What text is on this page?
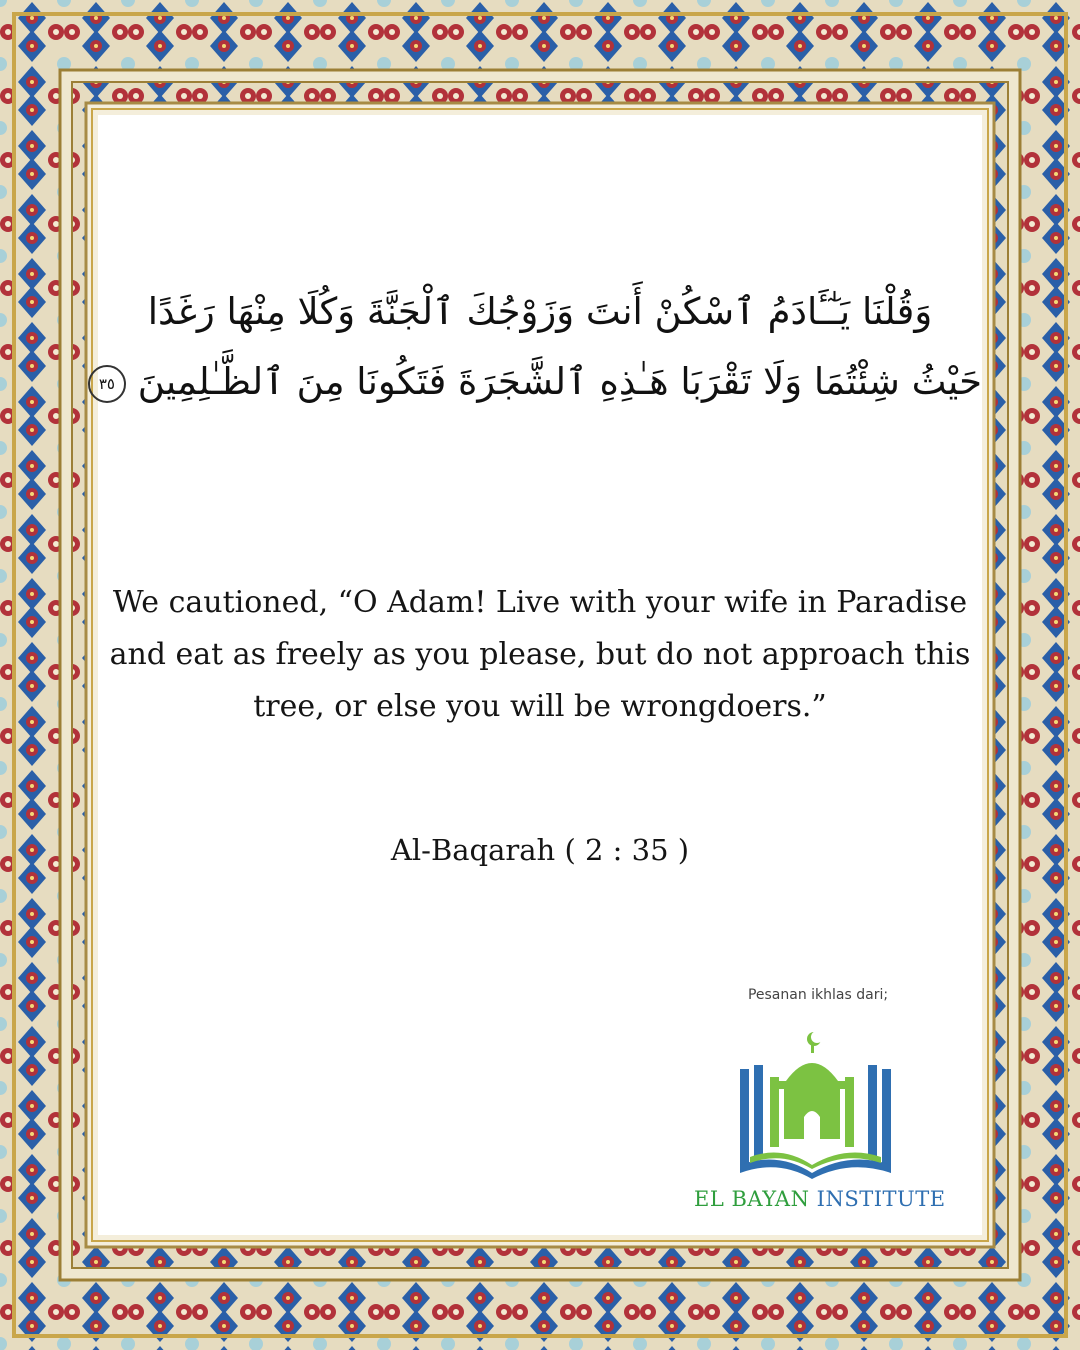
وَقُلْنَا يَـٰٓـَٔادَمُ ٱسْكُنْ أَنتَ وَزَوْجُكَ ٱلْجَنَّةَ وَكُلَا مِنْهَا رَغَدًا
حَيْثُ شِئْتُمَا وَلَا تَقْرَبَا هَـٰذِهِ ٱلشَّجَرَةَ فَتَكُونَا مِنَ ٱلظَّـٰلِمِينَ ٣٥
We cautioned, “O Adam! Live with your wife in Paradise and eat as freely as you please, but do not approach this tree, or else you will be wrongdoers.”
Al-Baqarah ( 2 : 35 )
Pesanan ikhlas dari;
EL BAYAN INSTITUTE
